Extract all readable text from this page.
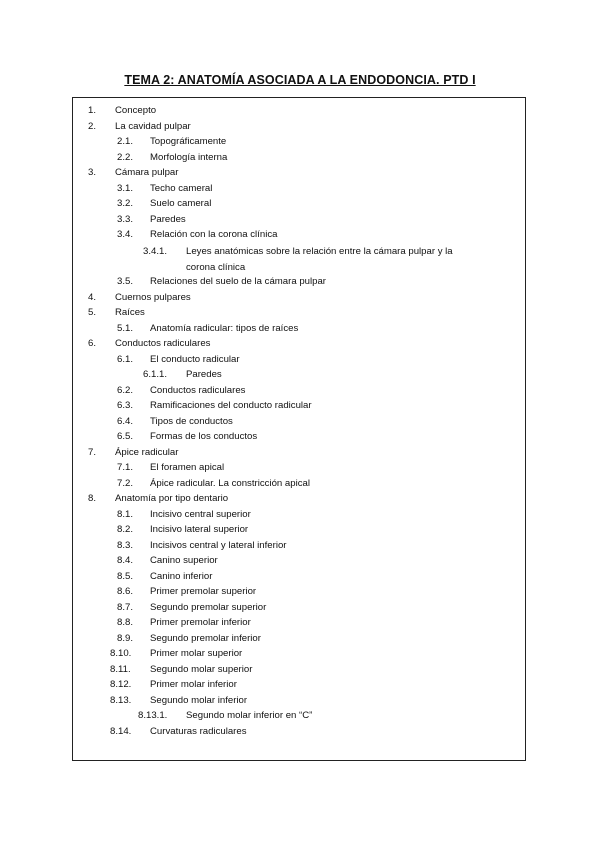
TEMA 2: ANATOMÍA ASOCIADA A LA ENDODONCIA. PTD I
1. Concepto
2. La cavidad pulpar
2.1. Topográficamente
2.2. Morfología interna
3. Cámara pulpar
3.1. Techo cameral
3.2. Suelo cameral
3.3. Paredes
3.4. Relación con la corona clínica
3.4.1. Leyes anatómicas sobre la relación entre la cámara pulpar y la corona clínica
3.5. Relaciones del suelo de la cámara pulpar
4. Cuernos pulpares
5. Raíces
5.1. Anatomía radicular: tipos de raíces
6. Conductos radiculares
6.1. El conducto radicular
6.1.1. Paredes
6.2. Conductos radiculares
6.3. Ramificaciones del conducto radicular
6.4. Tipos de conductos
6.5. Formas de los conductos
7. Ápice radicular
7.1. El foramen apical
7.2. Ápice radicular. La constricción apical
8. Anatomía por tipo dentario
8.1. Incisivo central superior
8.2. Incisivo lateral superior
8.3. Incisivos central y lateral inferior
8.4. Canino superior
8.5. Canino inferior
8.6. Primer premolar superior
8.7. Segundo premolar superior
8.8. Primer premolar inferior
8.9. Segundo premolar inferior
8.10. Primer molar superior
8.11. Segundo molar superior
8.12. Primer molar inferior
8.13. Segundo molar inferior
8.13.1. Segundo molar inferior en “C”
8.14. Curvaturas radiculares
